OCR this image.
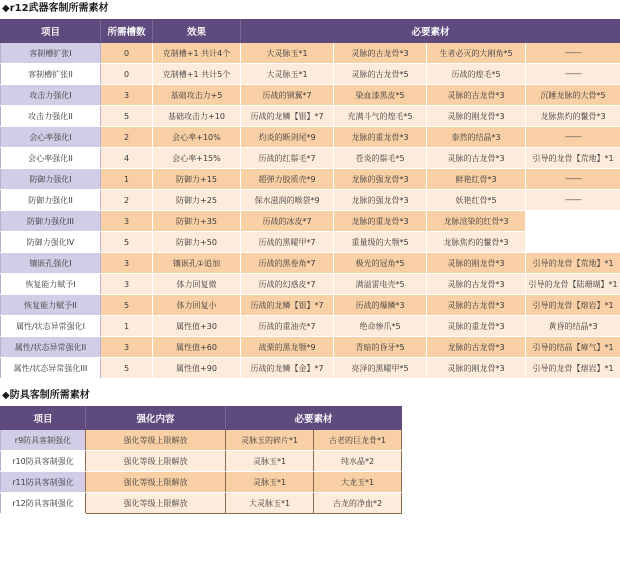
◆r12武器客制所需素材
项目	所需槽数	效果	必要素材			
客制槽扩张I	0	克制槽+1 共计4个	大灵脉玉*1	灵脉的古龙骨*3	生者必灭的大刚角*5	——
客制槽扩张II	0	克制槽+1 共计5个	大灵脉玉*1	灵脉的古龙骨*5	历战的煌毛*5	——
攻击力强化I	3	基础攻击力+5	历战的钢翼*7	染血漆黑皮*5	灵脉的古龙骨*3	沉睡龙脉的大骨*5
攻击力强化II	5	基础攻击力+10	历战的龙鳞【银】*7	充满斗气的煌毛*5	灵脉的刚龙骨*3	龙脉焦灼的鬣骨*3
会心率强化I	2	会心率+10%	灼炎的断剑尾*9	龙脉的重龙骨*3	泰然的结晶*3	——
会心率强化II	4	会心率+15%	历战的红鬃毛*7	苍炎的鬃毛*5	灵脉的古龙骨*3	引导的龙骨【荒地】*1
防御力强化I	1	防御力+15	超弹力胶质壳*9	龙脉的强龙骨*3	鲜艳红骨*3	——
防御力强化II	2	防御力+25	保水滋润的喉袋*9	龙脉的强龙骨*3	妖艳红骨*5	——
防御力强化III	3	防御力+35	历战的冰皮*7	龙脉的重龙骨*3	龙脉渲染的红骨*3	
防御力强化IV	5	防御力+50	历战的黑曜甲*7	重量级的大颚*5	龙脉焦灼的鬣骨*3	
镶嵌孔强化I	3	镶嵌孔①追加	历战的黑卷角*7	极光的冠角*5	灵脉的刚龙骨*3	引导的龙骨【荒地】*1
恢复能力赋予I	3	体力回复微	历战的幻惑皮*7	满溢雷电壳*5	灵脉的古龙骨*3	引导的龙骨【陆珊瑚】*1
恢复能力赋予II	5	体力回复小	历战的龙鳞【银】*7	历战的爆鳞*3	灵脉的古龙骨*3	引导的龙骨【熔岩】*1
属性/状态异常强化I	1	属性值+30	历战的重油壳*7	绝命惨爪*5	灵脉的重龙骨*3	黄昏的结晶*3
属性/状态异常强化II	3	属性值+60	战栗的黑龙颚*9	青暗的昏牙*5	龙脉的古龙骨*3	引导的结晶【瘴气】*1
属性/状态异常强化III	5	属性值+90	历战的龙鳞【金】*7	亮泽的黑曜甲*5	灵脉的刚龙骨*3	引导的龙骨【熔岩】*1
◆防具客制所需素材
项目	强化内容	必要素材	
r9防具客制强化	强化等级上限解放	灵脉玉的碎片*1	古老的巨龙骨*1
r10防具客制强化	强化等级上限解放	灵脉玉*1	纯水晶*2
r11防具客制强化	强化等级上限解放	灵脉玉*1	大龙玉*1
r12防具客制强化	强化等级上限解放	大灵脉玉*1	古龙的净血*2
